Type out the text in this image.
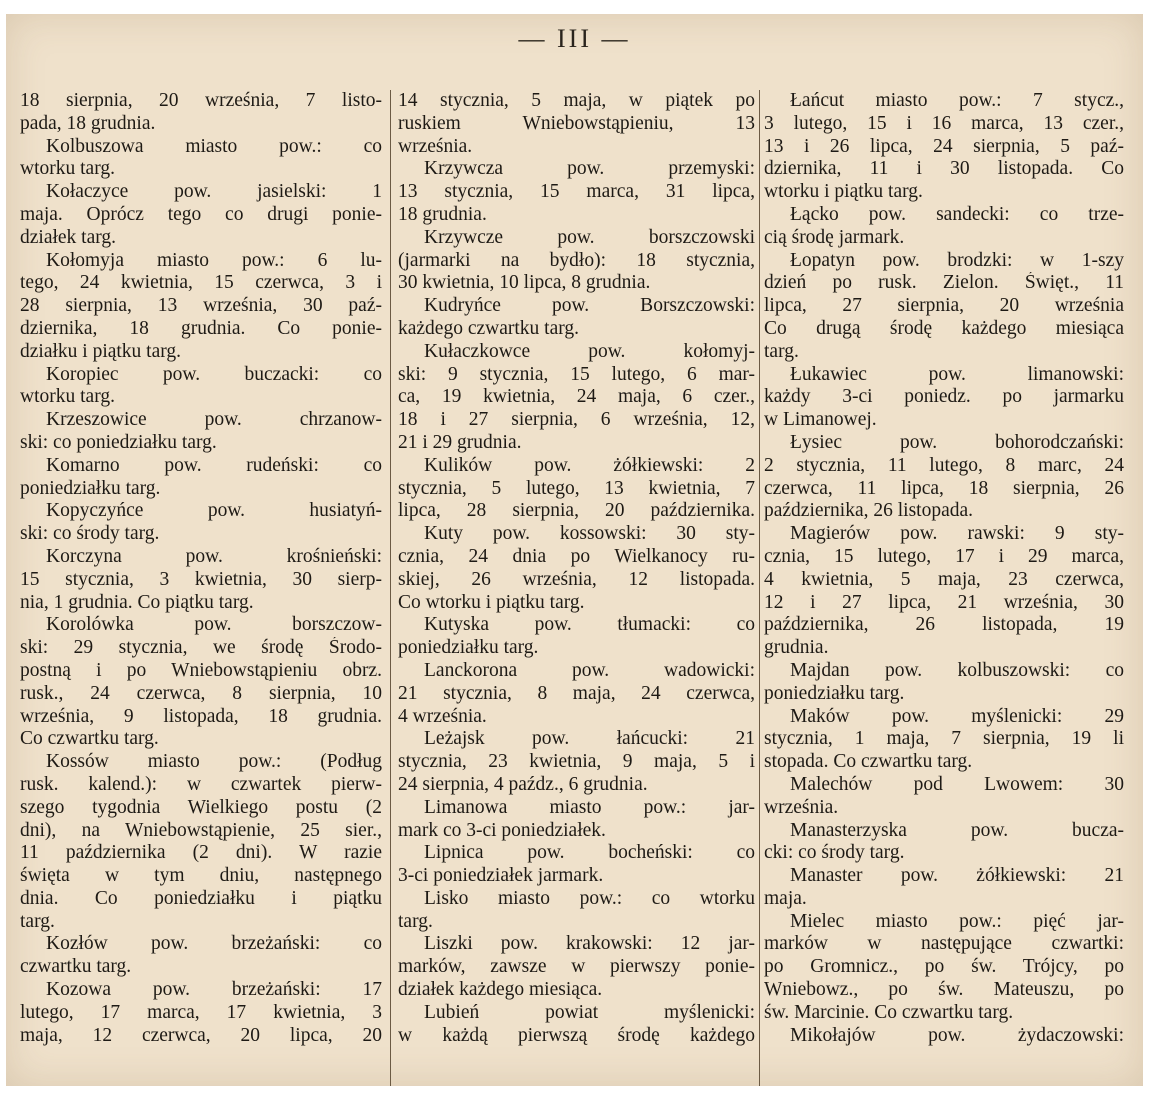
— III —
18 sierpnia, 20 września, 7 listo-
pada, 18 grudnia.
Kolbuszowa miasto pow.: co
wtorku targ.
Kołaczyce pow. jasielski: 1
maja. Oprócz tego co drugi ponie-
działek targ.
Kołomyja miasto pow.: 6 lu-
tego, 24 kwietnia, 15 czerwca, 3 i
28 sierpnia, 13 września, 30 paź-
dziernika, 18 grudnia. Co ponie-
działku i piątku targ.
Koropiec pow. buczacki: co
wtorku targ.
Krzeszowice pow. chrzanow-
ski: co poniedziałku targ.
Komarno pow. rudeński: co
poniedziałku targ.
Kopyczyńce pow. husiatyń-
ski: co środy targ.
Korczyna pow. krośnieński:
15 stycznia, 3 kwietnia, 30 sierp-
nia, 1 grudnia. Co piątku targ.
Korolówka pow. borszczow-
ski: 29 stycznia, we środę Środo-
postną i po Wniebowstąpieniu obrz.
rusk., 24 czerwca, 8 sierpnia, 10
września, 9 listopada, 18 grudnia.
Co czwartku targ.
Kossów miasto pow.: (Podług
rusk. kalend.): w czwartek pierw-
szego tygodnia Wielkiego postu (2
dni), na Wniebowstąpienie, 25 sier.,
11 października (2 dni). W razie
święta w tym dniu, następnego
dnia. Co poniedziałku i piątku
targ.
Kozłów pow. brzeżański: co
czwartku targ.
Kozowa pow. brzeżański: 17
lutego, 17 marca, 17 kwietnia, 3
maja, 12 czerwca, 20 lipca, 20
14 stycznia, 5 maja, w piątek po
ruskiem Wniebowstąpieniu, 13
września.
Krzywcza pow. przemyski:
13 stycznia, 15 marca, 31 lipca,
18 grudnia.
Krzywcze pow. borszczowski
(jarmarki na bydło): 18 stycznia,
30 kwietnia, 10 lipca, 8 grudnia.
Kudryńce pow. Borszczowski:
każdego czwartku targ.
Kułaczkowce pow. kołomyj-
ski: 9 stycznia, 15 lutego, 6 mar-
ca, 19 kwietnia, 24 maja, 6 czer.,
18 i 27 sierpnia, 6 września, 12,
21 i 29 grudnia.
Kulików pow. żółkiewski: 2
stycznia, 5 lutego, 13 kwietnia, 7
lipca, 28 sierpnia, 20 października.
Kuty pow. kossowski: 30 sty-
cznia, 24 dnia po Wielkanocy ru-
skiej, 26 września, 12 listopada.
Co wtorku i piątku targ.
Kutyska pow. tłumacki: co
poniedziałku targ.
Lanckorona pow. wadowicki:
21 stycznia, 8 maja, 24 czerwca,
4 września.
Leżajsk pow. łańcucki: 21
stycznia, 23 kwietnia, 9 maja, 5 i
24 sierpnia, 4 paźdz., 6 grudnia.
Limanowa miasto pow.: jar-
mark co 3-ci poniedziałek.
Lipnica pow. bocheński: co
3-ci poniedziałek jarmark.
Lisko miasto pow.: co wtorku
targ.
Liszki pow. krakowski: 12 jar-
marków, zawsze w pierwszy ponie-
działek każdego miesiąca.
Lubień powiat myślenicki:
w każdą pierwszą środę każdego
Łańcut miasto pow.: 7 stycz.,
3 lutego, 15 i 16 marca, 13 czer.,
13 i 26 lipca, 24 sierpnia, 5 paź-
dziernika, 11 i 30 listopada. Co
wtorku i piątku targ.
Łącko pow. sandecki: co trze-
cią środę jarmark.
Łopatyn pow. brodzki: w 1-szy
dzień po rusk. Zielon. Święt., 11
lipca, 27 sierpnia, 20 września
Co drugą środę każdego miesiąca
targ.
Łukawiec pow. limanowski:
każdy 3-ci poniedz. po jarmarku
w Limanowej.
Łysiec pow. bohorodczański:
2 stycznia, 11 lutego, 8 marc, 24
czerwca, 11 lipca, 18 sierpnia, 26
października, 26 listopada.
Magierów pow. rawski: 9 sty-
cznia, 15 lutego, 17 i 29 marca,
4 kwietnia, 5 maja, 23 czerwca,
12 i 27 lipca, 21 września, 30
października, 26 listopada, 19
grudnia.
Majdan pow. kolbuszowski: co
poniedziałku targ.
Maków pow. myślenicki: 29
stycznia, 1 maja, 7 sierpnia, 19 li
stopada. Co czwartku targ.
Malechów pod Lwowem: 30
września.
Manasterzyska pow. bucza-
cki: co środy targ.
Manaster pow. żółkiewski: 21
maja.
Mielec miasto pow.: pięć jar-
marków w następujące czwartki:
po Gromnicz., po św. Trójcy, po
Wniebowz., po św. Mateuszu, po
św. Marcinie. Co czwartku targ.
Mikołajów pow. żydaczowski:
